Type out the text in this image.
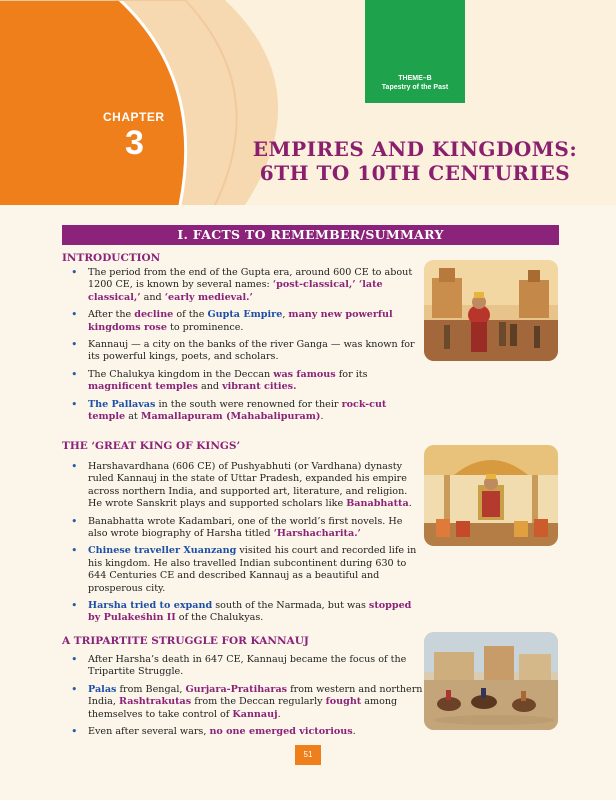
THEME–B
Tapestry of the Past
CHAPTER
3	EMPIRES AND KINGDOMS:
6TH TO 10TH CENTURIES
I. FACTS TO REMEMBER/SUMMARY
INTRODUCTION
• The period from the end of the Gupta era, around 600 CE to about 1200 CE, is known by several names: ‘post-classical,’ ‘late classical,’ and ‘early medieval.’
• After the decline of the Gupta Empire, many new powerful kingdoms rose to prominence.
• Kannauj — a city on the banks of the river Ganga — was known for its powerful kings, poets, and scholars.
• The Chalukya kingdom in the Deccan was famous for its magnificent temples and vibrant cities.
• The Pallavas in the south were renowned for their rock-cut temple at Mamallapuram (Mahabalipuram).
THE ‘GREAT KING OF KINGS’
• Harshavardhana (606 CE) of Pushyabhuti (or Vardhana) dynasty ruled Kannauj in the state of Uttar Pradesh, expanded his empire across northern India, and supported art, literature, and religion. He wrote Sanskrit plays and supported scholars like Banabhatta.
• Banabhatta wrote Kadambari, one of the world’s first novels. He also wrote biography of Harsha titled ‘Harshacharita.’
• Chinese traveller Xuanzang visited his court and recorded life in his kingdom. He also travelled Indian subcontinent during 630 to 644 Centuries CE and described Kannauj as a beautiful and prosperous city.
• Harsha tried to expand south of the Narmada, but was stopped by Pulakeśhin II of the Chalukyas.
A TRIPARTITE STRUGGLE FOR KANNAUJ
• After Harsha’s death in 647 CE, Kannauj became the focus of the Tripartite Struggle.
• Palas from Bengal, Gurjara-Pratiharas from western and northern India, Rashtrakutas from the Deccan regularly fought among themselves to take control of Kannauj.
• Even after several wars, no one emerged victorious.
51
